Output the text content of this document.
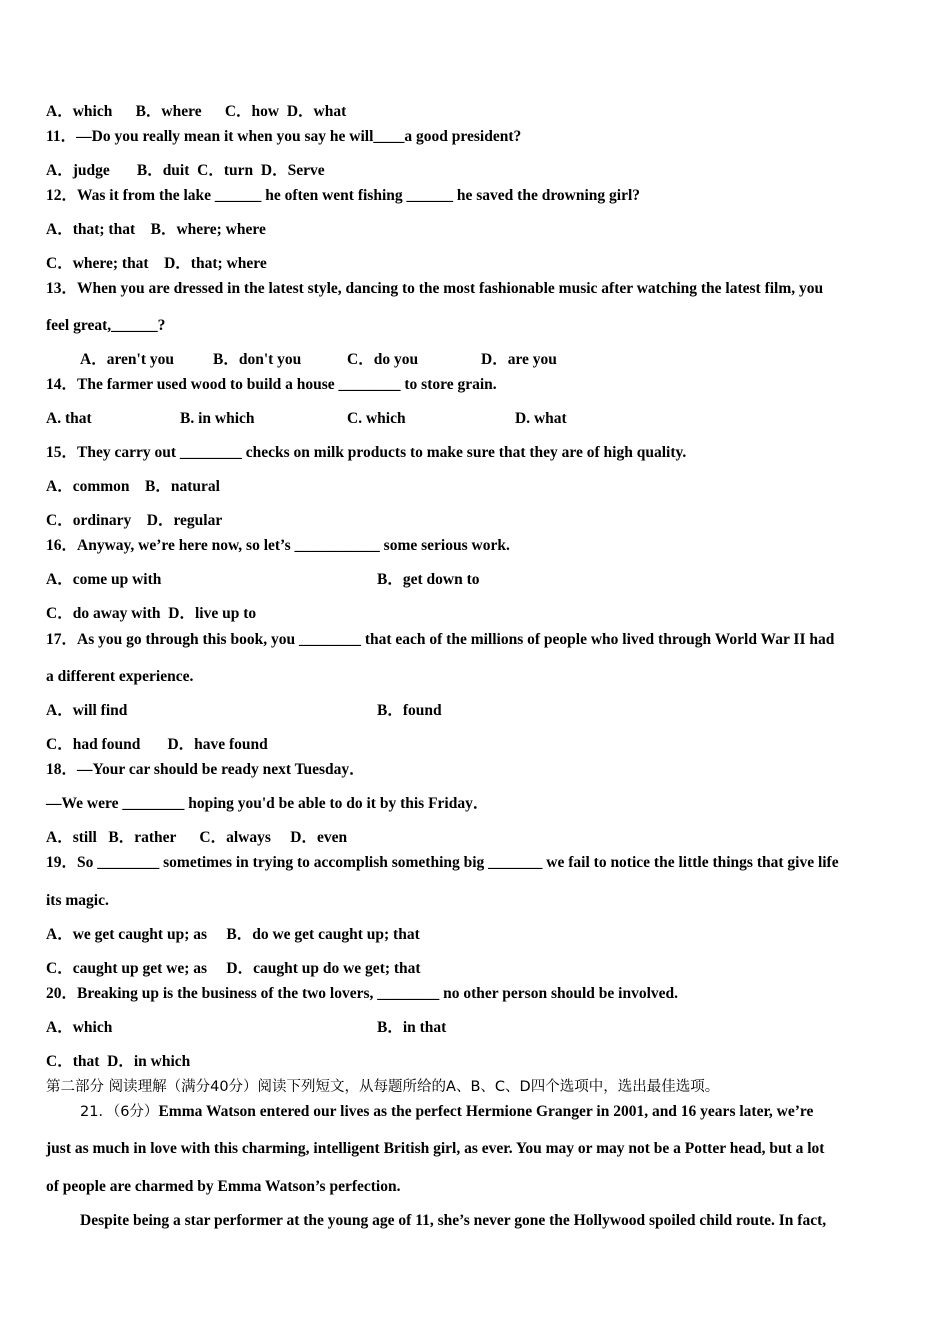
A．which      B．where      C．how  D．what
11．—Do you really mean it when you say he will____a good president?
A．judge       B．duit  C．turn  D．Serve
12．Was it from the lake ______ he often went fishing ______ he saved the drowning girl?
A．that; that    B．where; where
C．where; that    D．that; where
13．When you are dressed in the latest style, dancing to the most fashionable music after watching the latest film, you
feel great,______?
A．aren't you	B．don't you	C．do you	D．are you
14．The farmer used wood to build a house ________ to store grain.
A. that	B. in which	C. which	D. what
15．They carry out ________ checks on milk products to make sure that they are of high quality.
A．common    B．natural
C．ordinary    D．regular
16．Anyway, we’re here now, so let’s ___________ some serious work.
A．come up with	B．get down to
C．do away with  D．live up to
17．As you go through this book, you ________ that each of the millions of people who lived through World War II had
a different experience.
A．will find	B．found
C．had found       D．have found
18．—Your car should be ready next Tuesday．
—We were ________ hoping you'd be able to do it by this Friday．
A．still   B．rather      C．always     D．even
19．So ________ sometimes in trying to accomplish something big _______ we fail to notice the little things that give life
its magic.
A．we get caught up; as     B．do we get caught up; that
C．caught up get we; as     D．caught up do we get; that
20．Breaking up is the business of the two lovers, ________ no other person should be involved.
A．which	B．in that
C．that  D．in which
第二部分 阅读理解（满分40分）阅读下列短文，从每题所给的A、B、C、D四个选项中，选出最佳选项。
21．（6分）Emma Watson entered our lives as the perfect Hermione Granger in 2001, and 16 years later, we’re
just as much in love with this charming, intelligent British girl, as ever. You may or may not be a Potter head, but a lot
of people are charmed by Emma Watson’s perfection.
Despite being a star performer at the young age of 11, she’s never gone the Hollywood spoiled child route. In fact,
